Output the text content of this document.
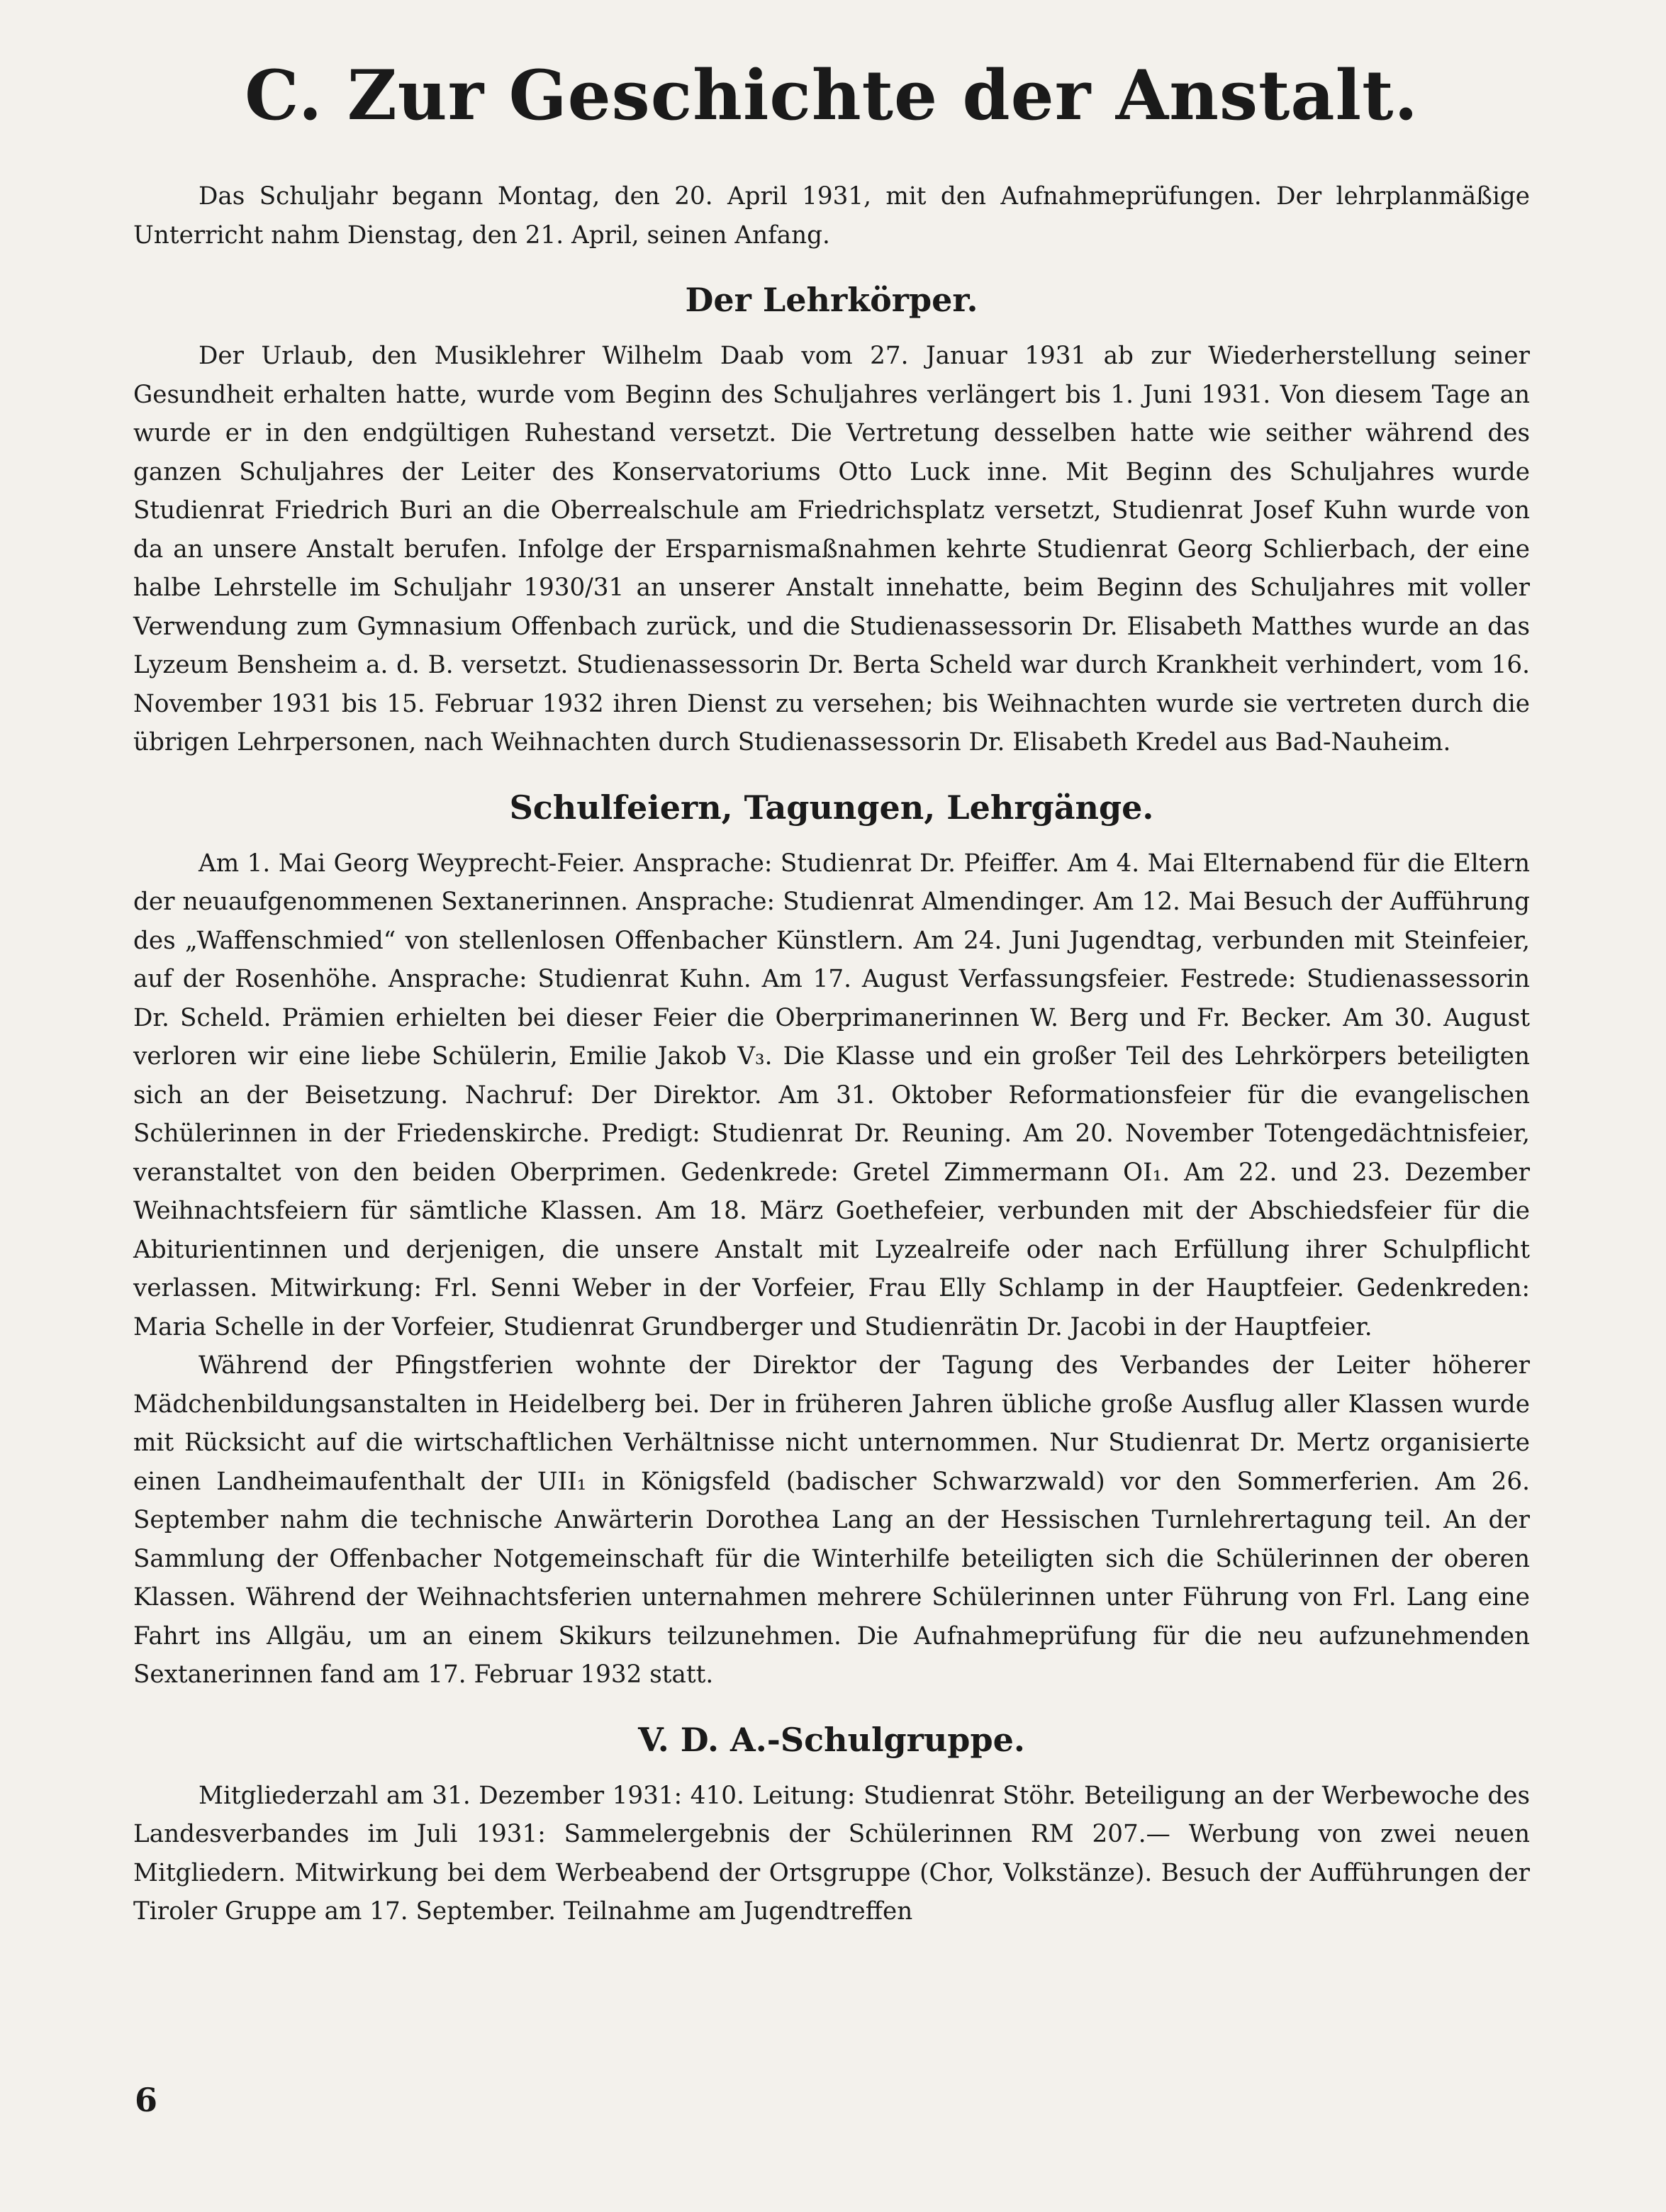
C. Zur Geschichte der Anstalt.

Das Schuljahr begann Montag, den 20. April 1931, mit den Aufnahmeprüfungen. Der lehrplanmäßige Unterricht nahm Dienstag, den 21. April, seinen Anfang.

Der Lehrkörper.

Der Urlaub, den Musiklehrer Wilhelm Daab vom 27. Januar 1931 ab zur Wiederherstellung seiner Gesundheit erhalten hatte, wurde vom Beginn des Schuljahres verlängert bis 1. Juni 1931. Von diesem Tage an wurde er in den endgültigen Ruhestand versetzt. Die Vertretung desselben hatte wie seither während des ganzen Schuljahres der Leiter des Konservatoriums Otto Luck inne. Mit Beginn des Schuljahres wurde Studienrat Friedrich Buri an die Oberrealschule am Friedrichsplatz versetzt, Studienrat Josef Kuhn wurde von da an unsere Anstalt berufen. Infolge der Ersparnismaßnahmen kehrte Studienrat Georg Schlierbach, der eine halbe Lehrstelle im Schuljahr 1930/31 an unserer Anstalt innehatte, beim Beginn des Schuljahres mit voller Verwendung zum Gymnasium Offenbach zurück, und die Studienassessorin Dr. Elisabeth Matthes wurde an das Lyzeum Bensheim a. d. B. versetzt. Studienassessorin Dr. Berta Scheld war durch Krankheit verhindert, vom 16. November 1931 bis 15. Februar 1932 ihren Dienst zu versehen; bis Weihnachten wurde sie vertreten durch die übrigen Lehrpersonen, nach Weihnachten durch Studienassessorin Dr. Elisabeth Kredel aus Bad-Nauheim.

Schulfeiern, Tagungen, Lehrgänge.

Am 1. Mai Georg Weyprecht-Feier. Ansprache: Studienrat Dr. Pfeiffer. Am 4. Mai Elternabend für die Eltern der neuaufgenommenen Sextanerinnen. Ansprache: Studienrat Almendinger. Am 12. Mai Besuch der Aufführung des „Waffenschmied“ von stellenlosen Offenbacher Künstlern. Am 24. Juni Jugendtag, verbunden mit Steinfeier, auf der Rosenhöhe. Ansprache: Studienrat Kuhn. Am 17. August Verfassungsfeier. Festrede: Studienassessorin Dr. Scheld. Prämien erhielten bei dieser Feier die Oberprimanerinnen W. Berg und Fr. Becker. Am 30. August verloren wir eine liebe Schülerin, Emilie Jakob V₃. Die Klasse und ein großer Teil des Lehrkörpers beteiligten sich an der Beisetzung. Nachruf: Der Direktor. Am 31. Oktober Reformationsfeier für die evangelischen Schülerinnen in der Friedenskirche. Predigt: Studienrat Dr. Reuning. Am 20. November Totengedächtnisfeier, veranstaltet von den beiden Oberprimen. Gedenkrede: Gretel Zimmermann OI₁. Am 22. und 23. Dezember Weihnachtsfeiern für sämtliche Klassen. Am 18. März Goethefeier, verbunden mit der Abschiedsfeier für die Abiturientinnen und derjenigen, die unsere Anstalt mit Lyzealreife oder nach Erfüllung ihrer Schulpflicht verlassen. Mitwirkung: Frl. Senni Weber in der Vorfeier, Frau Elly Schlamp in der Hauptfeier. Gedenkreden: Maria Schelle in der Vorfeier, Studienrat Grundberger und Studienrätin Dr. Jacobi in der Hauptfeier.

Während der Pfingstferien wohnte der Direktor der Tagung des Verbandes der Leiter höherer Mädchenbildungsanstalten in Heidelberg bei. Der in früheren Jahren übliche große Ausflug aller Klassen wurde mit Rücksicht auf die wirtschaftlichen Verhältnisse nicht unternommen. Nur Studienrat Dr. Mertz organisierte einen Landheimaufenthalt der UII₁ in Königsfeld (badischer Schwarzwald) vor den Sommerferien. Am 26. September nahm die technische Anwärterin Dorothea Lang an der Hessischen Turnlehrertagung teil. An der Sammlung der Offenbacher Notgemeinschaft für die Winterhilfe beteiligten sich die Schülerinnen der oberen Klassen. Während der Weihnachtsferien unternahmen mehrere Schülerinnen unter Führung von Frl. Lang eine Fahrt ins Allgäu, um an einem Skikurs teilzunehmen. Die Aufnahmeprüfung für die neu aufzunehmenden Sextanerinnen fand am 17. Februar 1932 statt.

V. D. A.-Schulgruppe.

Mitgliederzahl am 31. Dezember 1931: 410. Leitung: Studienrat Stöhr. Beteiligung an der Werbewoche des Landesverbandes im Juli 1931: Sammelergebnis der Schülerinnen RM 207.— Werbung von zwei neuen Mitgliedern. Mitwirkung bei dem Werbeabend der Ortsgruppe (Chor, Volkstänze). Besuch der Aufführungen der Tiroler Gruppe am 17. September. Teilnahme am Jugendtreffen

6
